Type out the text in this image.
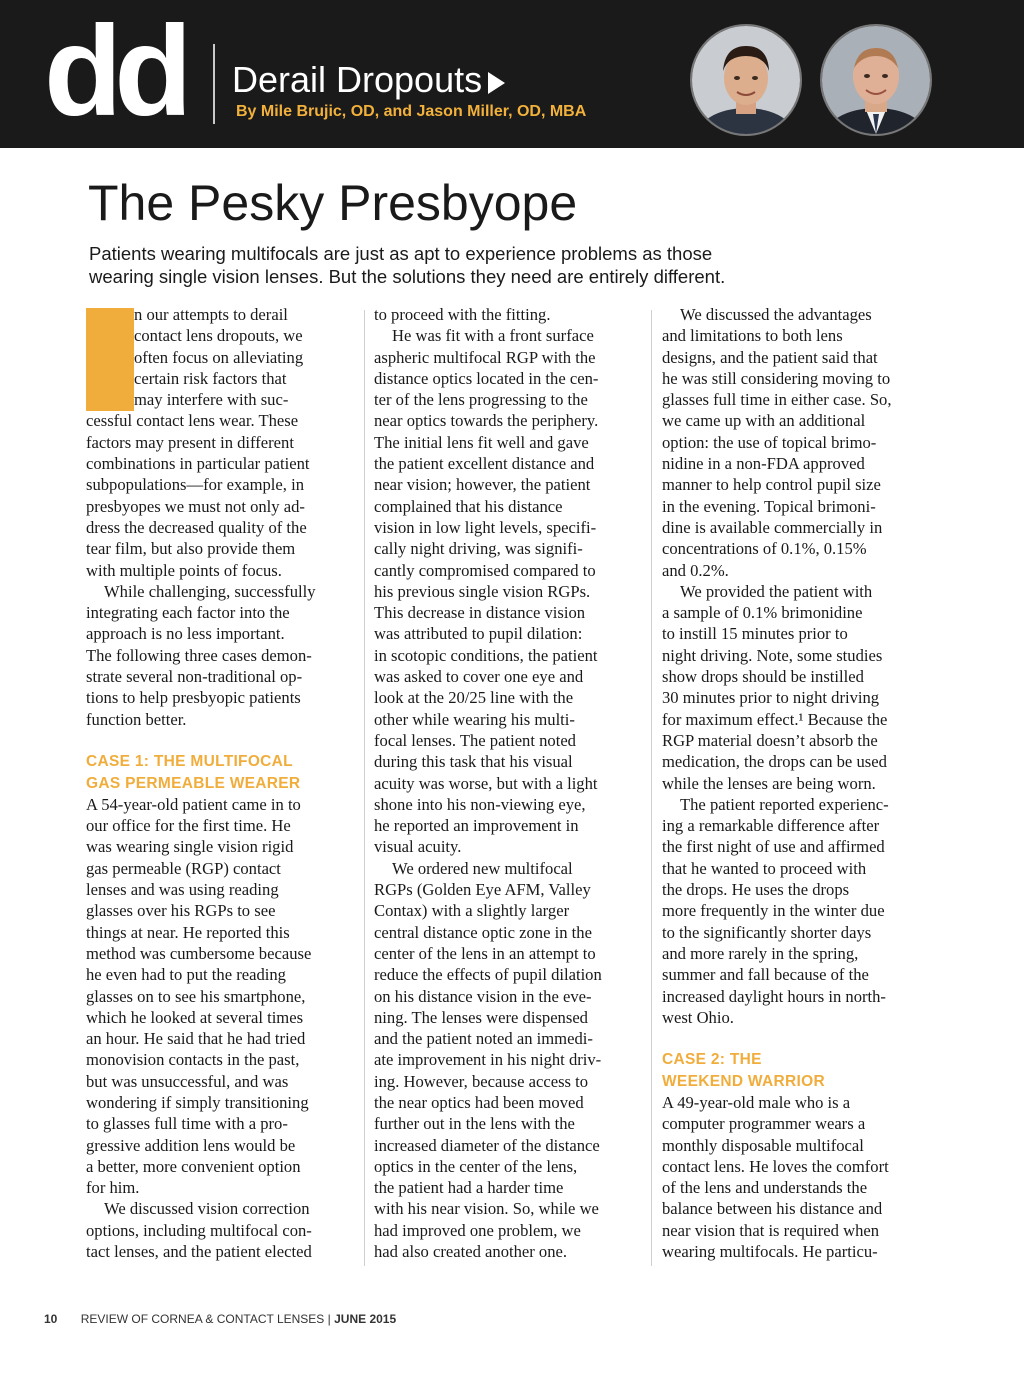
dd Derail Dropouts
By Mile Brujic, OD, and Jason Miller, OD, MBA
The Pesky Presbyope
Patients wearing multifocals are just as apt to experience problems as those
wearing single vision lenses. But the solutions they need are entirely different.

n our attempts to derail

contact lens dropouts, we

often focus on alleviating

certain risk factors that

may interfere with suc-

cessful contact lens wear. These

factors may present in different

combinations in particular patient

subpopulations—for example, in

presbyopes we must not only ad-

dress the decreased quality of the

tear film, but also provide them

with multiple points of focus.

While challenging, successfully

integrating each factor into the

approach is no less important.

The following three cases demon-

strate several non-traditional op-

tions to help presbyopic patients

function better.

CASE 1: THE MULTIFOCAL

GAS PERMEABLE WEARER

A 54-year-old patient came in to

our office for the first time. He

was wearing single vision rigid

gas permeable (RGP) contact

lenses and was using reading

glasses over his RGPs to see

things at near. He reported this

method was cumbersome because

he even had to put the reading

glasses on to see his smartphone,

which he looked at several times

an hour. He said that he had tried

monovision contacts in the past,

but was unsuccessful, and was

wondering if simply transitioning

to glasses full time with a pro-

gressive addition lens would be

a better, more convenient option

for him.

We discussed vision correction

options, including multifocal con-

tact lenses, and the patient elected

to proceed with the fitting.

He was fit with a front surface

aspheric multifocal RGP with the

distance optics located in the cen-

ter of the lens progressing to the

near optics towards the periphery.

The initial lens fit well and gave

the patient excellent distance and

near vision; however, the patient

complained that his distance

vision in low light levels, specifi-

cally night driving, was signifi-

cantly compromised compared to

his previous single vision RGPs.

This decrease in distance vision

was attributed to pupil dilation:

in scotopic conditions, the patient

was asked to cover one eye and

look at the 20/25 line with the

other while wearing his multi-

focal lenses. The patient noted

during this task that his visual

acuity was worse, but with a light

shone into his non-viewing eye,

he reported an improvement in

visual acuity.

We ordered new multifocal

RGPs (Golden Eye AFM, Valley

Contax) with a slightly larger

central distance optic zone in the

center of the lens in an attempt to

reduce the effects of pupil dilation

on his distance vision in the eve-

ning. The lenses were dispensed

and the patient noted an immedi-

ate improvement in his night driv-

ing. However, because access to

the near optics had been moved

further out in the lens with the

increased diameter of the distance

optics in the center of the lens,

the patient had a harder time

with his near vision. So, while we

had improved one problem, we

had also created another one.

We discussed the advantages

and limitations to both lens

designs, and the patient said that

he was still considering moving to

glasses full time in either case. So,

we came up with an additional

option: the use of topical brimo-

nidine in a non-FDA approved

manner to help control pupil size

in the evening. Topical brimoni-

dine is available commercially in

concentrations of 0.1%, 0.15%

and 0.2%.

We provided the patient with

a sample of 0.1% brimonidine

to instill 15 minutes prior to

night driving. Note, some studies

show drops should be instilled

30 minutes prior to night driving

for maximum effect.¹ Because the

RGP material doesn’t absorb the

medication, the drops can be used

while the lenses are being worn.

The patient reported experienc-

ing a remarkable difference after

the first night of use and affirmed

that he wanted to proceed with

the drops. He uses the drops

more frequently in the winter due

to the significantly shorter days

and more rarely in the spring,

summer and fall because of the

increased daylight hours in north-

west Ohio.

CASE 2: THE

WEEKEND WARRIOR

A 49-year-old male who is a

computer programmer wears a

monthly disposable multifocal

contact lens. He loves the comfort

of the lens and understands the

balance between his distance and

near vision that is required when

wearing multifocals. He particu-

10 REVIEW OF CORNEA & CONTACT LENSES | JUNE 2015
